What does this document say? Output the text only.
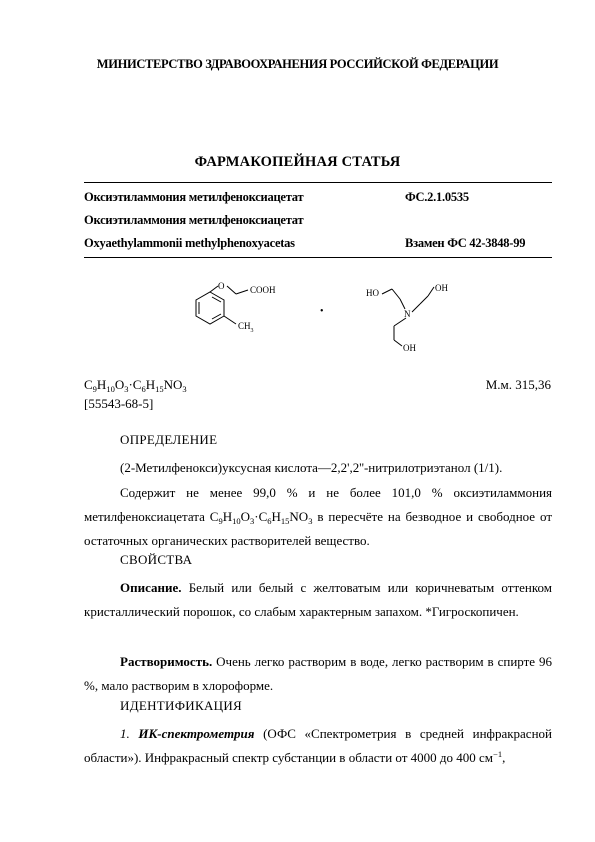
МИНИСТЕРСТВО ЗДРАВООХРАНЕНИЯ РОССИЙСКОЙ ФЕДЕРАЦИИ
ФАРМАКОПЕЙНАЯ СТАТЬЯ
Оксиэтиламмония метилфеноксиацетат	ФС.2.1.0535
Оксиэтиламмония метилфеноксиацетат
Oxyaethylammonii methylphenoxyacetas	Взамен ФС 42-3848-99
O	COOH
$CH_3$
•
HO
N
OH
OH
$C_9H_{10}O_3\cdot C_6H_{15}NO_3$	М.м. 315,36
[55543-68-5]
ОПРЕДЕЛЕНИЕ
(2-Метилфенокси)уксусная кислота—2,2',2''-нитрилотриэтанол (1/1).
Содержит не менее 99,0 % и не более 101,0 % оксиэтиламмония метилфеноксиацетата $C_9H_{10}O_3\cdot C_6H_{15}NO_3$ в пересчёте на безводное и свободное от остаточных органических растворителей вещество.
СВОЙСТВА
Описание. Белый или белый с желтоватым или коричневатым оттенком кристаллический порошок, со слабым характерным запахом. *Гигроскопичен.
Растворимость. Очень легко растворим в воде, легко растворим в спирте 96 %, мало растворим в хлороформе.
ИДЕНТИФИКАЦИЯ
1. ИК-спектрометрия (ОФС «Спектрометрия в средней инфракрасной области»). Инфракрасный спектр субстанции в области от 4000 до 400 $см^{-1}$,
